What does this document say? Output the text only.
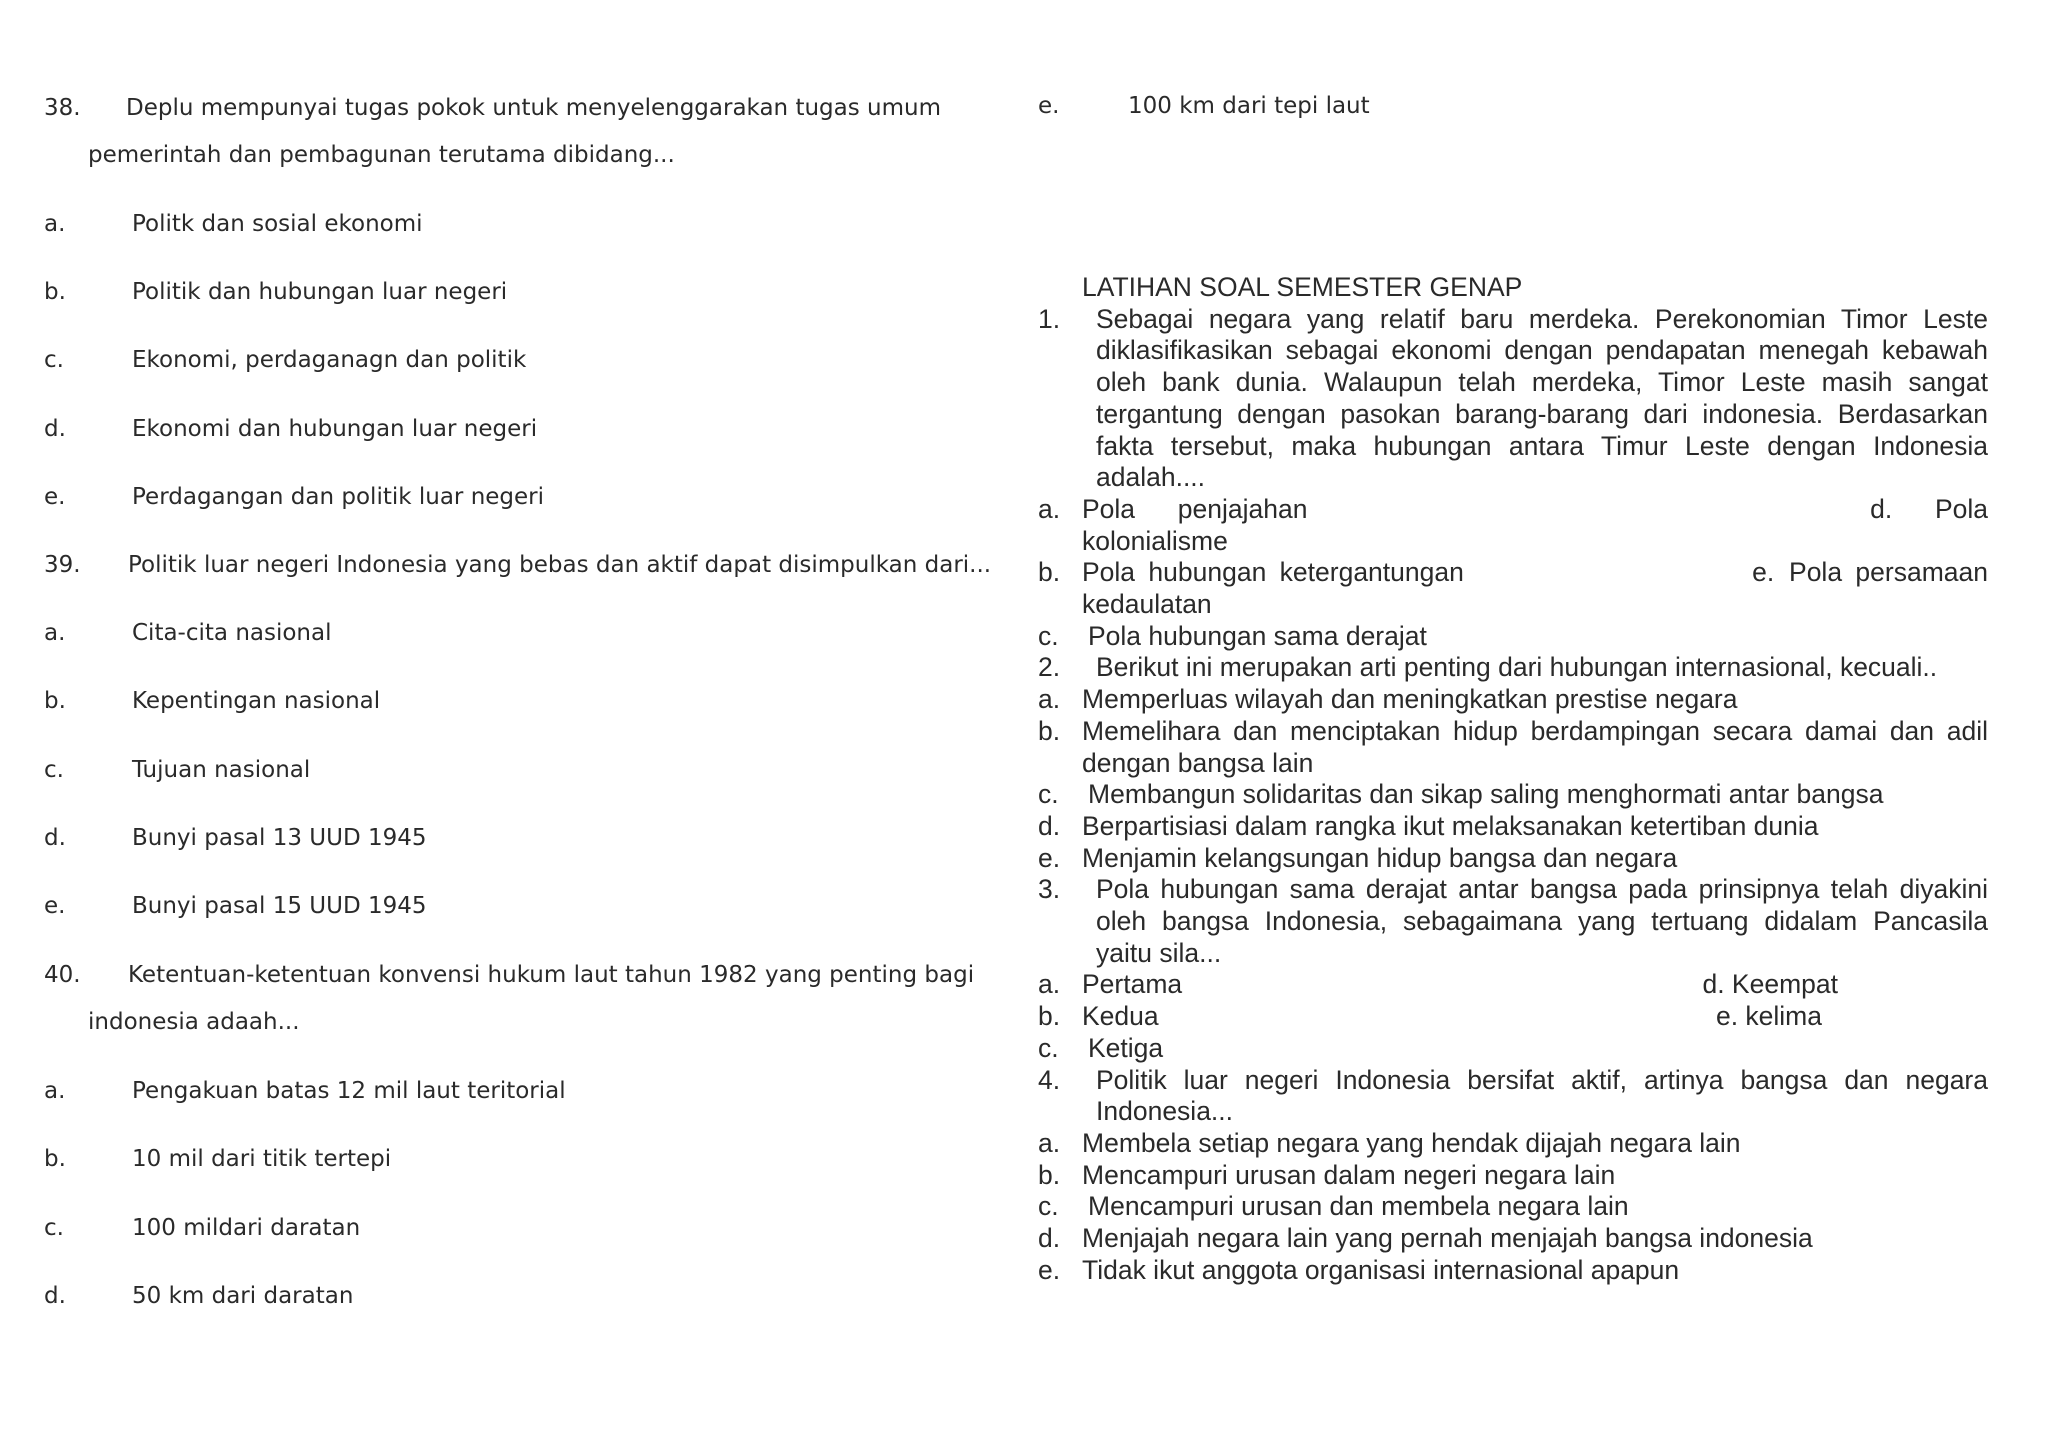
38. Deplu mempunyai tugas pokok untuk menyelenggarakan tugas umum
pemerintah dan pembagunan terutama dibidang...
a.	Politk dan sosial ekonomi
b.	Politik dan hubungan luar negeri
c.	Ekonomi, perdaganagn dan politik
d.	Ekonomi dan hubungan luar negeri
e.	Perdagangan dan politik luar negeri
39. Politik luar negeri Indonesia yang bebas dan aktif dapat disimpulkan dari...
a.	Cita-cita nasional
b.	Kepentingan nasional
c.	Tujuan nasional
d.	Bunyi pasal 13 UUD 1945
e.	Bunyi pasal 15 UUD 1945
40. Ketentuan-ketentuan konvensi hukum laut tahun 1982 yang penting bagi
indonesia adaah...
a.	Pengakuan batas 12 mil laut teritorial
b.	10 mil dari titik tertepi
c.	100 mildari daratan
d.	50 km dari daratan
e.	100 km dari tepi laut
LATIHAN SOAL SEMESTER GENAP
1.	Sebagai negara yang relatif baru merdeka. Perekonomian Timor Leste diklasifikasikan sebagai ekonomi dengan pendapatan menegah kebawah oleh bank dunia. Walaupun telah merdeka, Timor Leste masih sangat tergantung dengan pasokan barang-barang dari indonesia. Berdasarkan fakta tersebut, maka hubungan antara Timur Leste dengan Indonesia adalah....
a. Pola penjajahan	d. Pola
kolonialisme
b. Pola hubungan ketergantungan	e. Pola persamaan
kedaulatan
c.	Pola hubungan sama derajat
2.	Berikut ini merupakan arti penting dari hubungan internasional, kecuali..
a. Memperluas wilayah dan meningkatkan prestise negara
b. Memelihara dan menciptakan hidup berdampingan secara damai dan adil dengan bangsa lain
c.	Membangun solidaritas dan sikap saling menghormati antar bangsa
d. Berpartisiasi dalam rangka ikut melaksanakan ketertiban dunia
e. Menjamin kelangsungan hidup bangsa dan negara
3.	Pola hubungan sama derajat antar bangsa pada prinsipnya telah diyakini oleh bangsa Indonesia, sebagaimana yang tertuang didalam Pancasila yaitu sila...
a. Pertama	d. Keempat
b. Kedua	e. kelima
c.	Ketiga
4.	Politik luar negeri Indonesia bersifat aktif, artinya bangsa dan negara Indonesia...
a. Membela setiap negara yang hendak dijajah negara lain
b. Mencampuri urusan dalam negeri negara lain
c.	Mencampuri urusan dan membela negara lain
d. Menjajah negara lain yang pernah menjajah bangsa indonesia
e. Tidak ikut anggota organisasi internasional apapun
